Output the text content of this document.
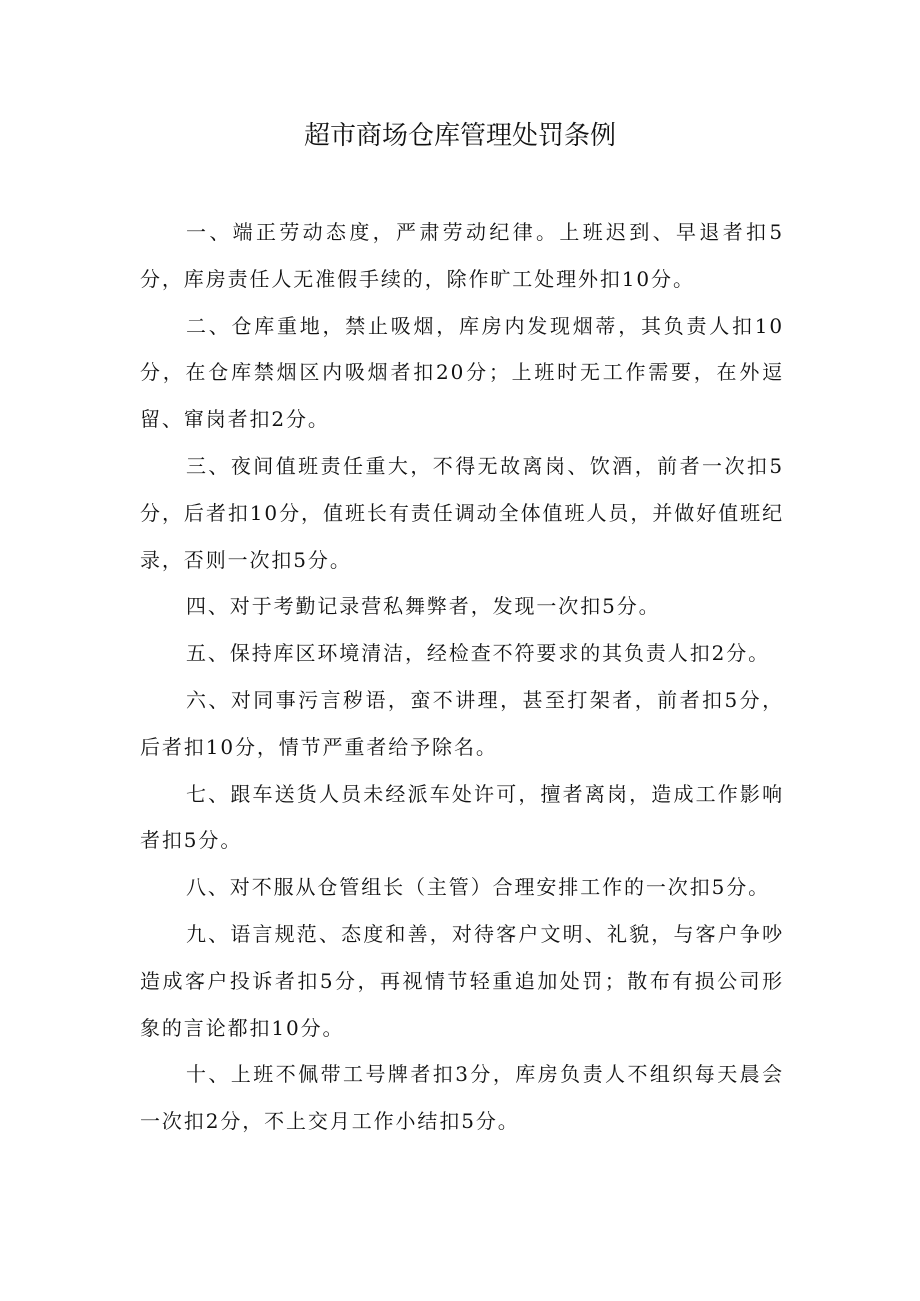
超市商场仓库管理处罚条例

一、端正劳动态度，严肃劳动纪律。上班迟到、早退者扣5分，库房责任人无准假手续的，除作旷工处理外扣10分。

二、仓库重地，禁止吸烟，库房内发现烟蒂，其负责人扣10分，在仓库禁烟区内吸烟者扣20分；上班时无工作需要，在外逗留、窜岗者扣2分。

三、夜间值班责任重大，不得无故离岗、饮酒，前者一次扣5分，后者扣10分，值班长有责任调动全体值班人员，并做好值班纪录，否则一次扣5分。

四、对于考勤记录营私舞弊者，发现一次扣5分。

五、保持库区环境清洁，经检查不符要求的其负责人扣2分。

六、对同事污言秽语，蛮不讲理，甚至打架者，前者扣5分，后者扣10分，情节严重者给予除名。

七、跟车送货人员未经派车处许可，擅者离岗，造成工作影响者扣5分。

八、对不服从仓管组长（主管）合理安排工作的一次扣5分。

九、语言规范、态度和善，对待客户文明、礼貌，与客户争吵造成客户投诉者扣5分，再视情节轻重追加处罚；散布有损公司形象的言论都扣10分。

十、上班不佩带工号牌者扣3分，库房负责人不组织每天晨会一次扣2分，不上交月工作小结扣5分。
